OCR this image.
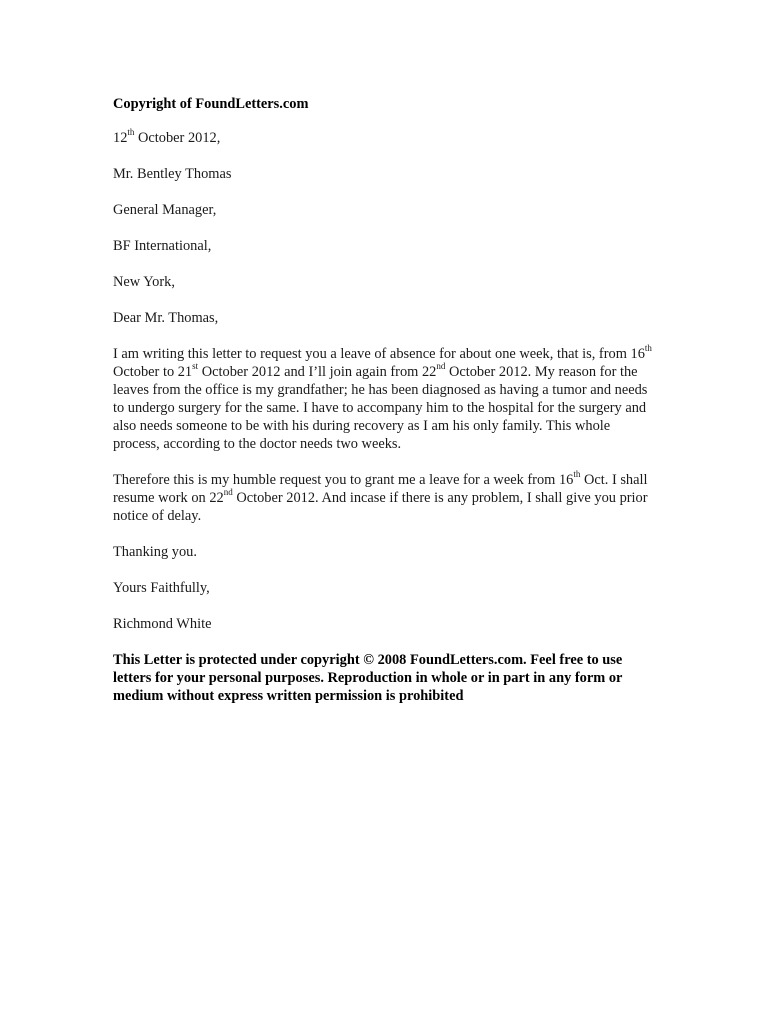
Copyright of FoundLetters.com

12th October 2012,

Mr. Bentley Thomas

General Manager,

BF International,

New York,

Dear Mr. Thomas,

I am writing this letter to request you a leave of absence for about one week, that is, from 16th October to 21st October 2012 and I’ll join again from 22nd October 2012. My reason for the leaves from the office is my grandfather; he has been diagnosed as having a tumor and needs to undergo surgery for the same. I have to accompany him to the hospital for the surgery and also needs someone to be with his during recovery as I am his only family. This whole process, according to the doctor needs two weeks.

Therefore this is my humble request you to grant me a leave for a week from 16th Oct. I shall resume work on 22nd October 2012. And incase if there is any problem, I shall give you prior notice of delay.

Thanking you.

Yours Faithfully,

Richmond White

This Letter is protected under copyright © 2008 FoundLetters.com. Feel free to use letters for your personal purposes. Reproduction in whole or in part in any form or medium without express written permission is prohibited
